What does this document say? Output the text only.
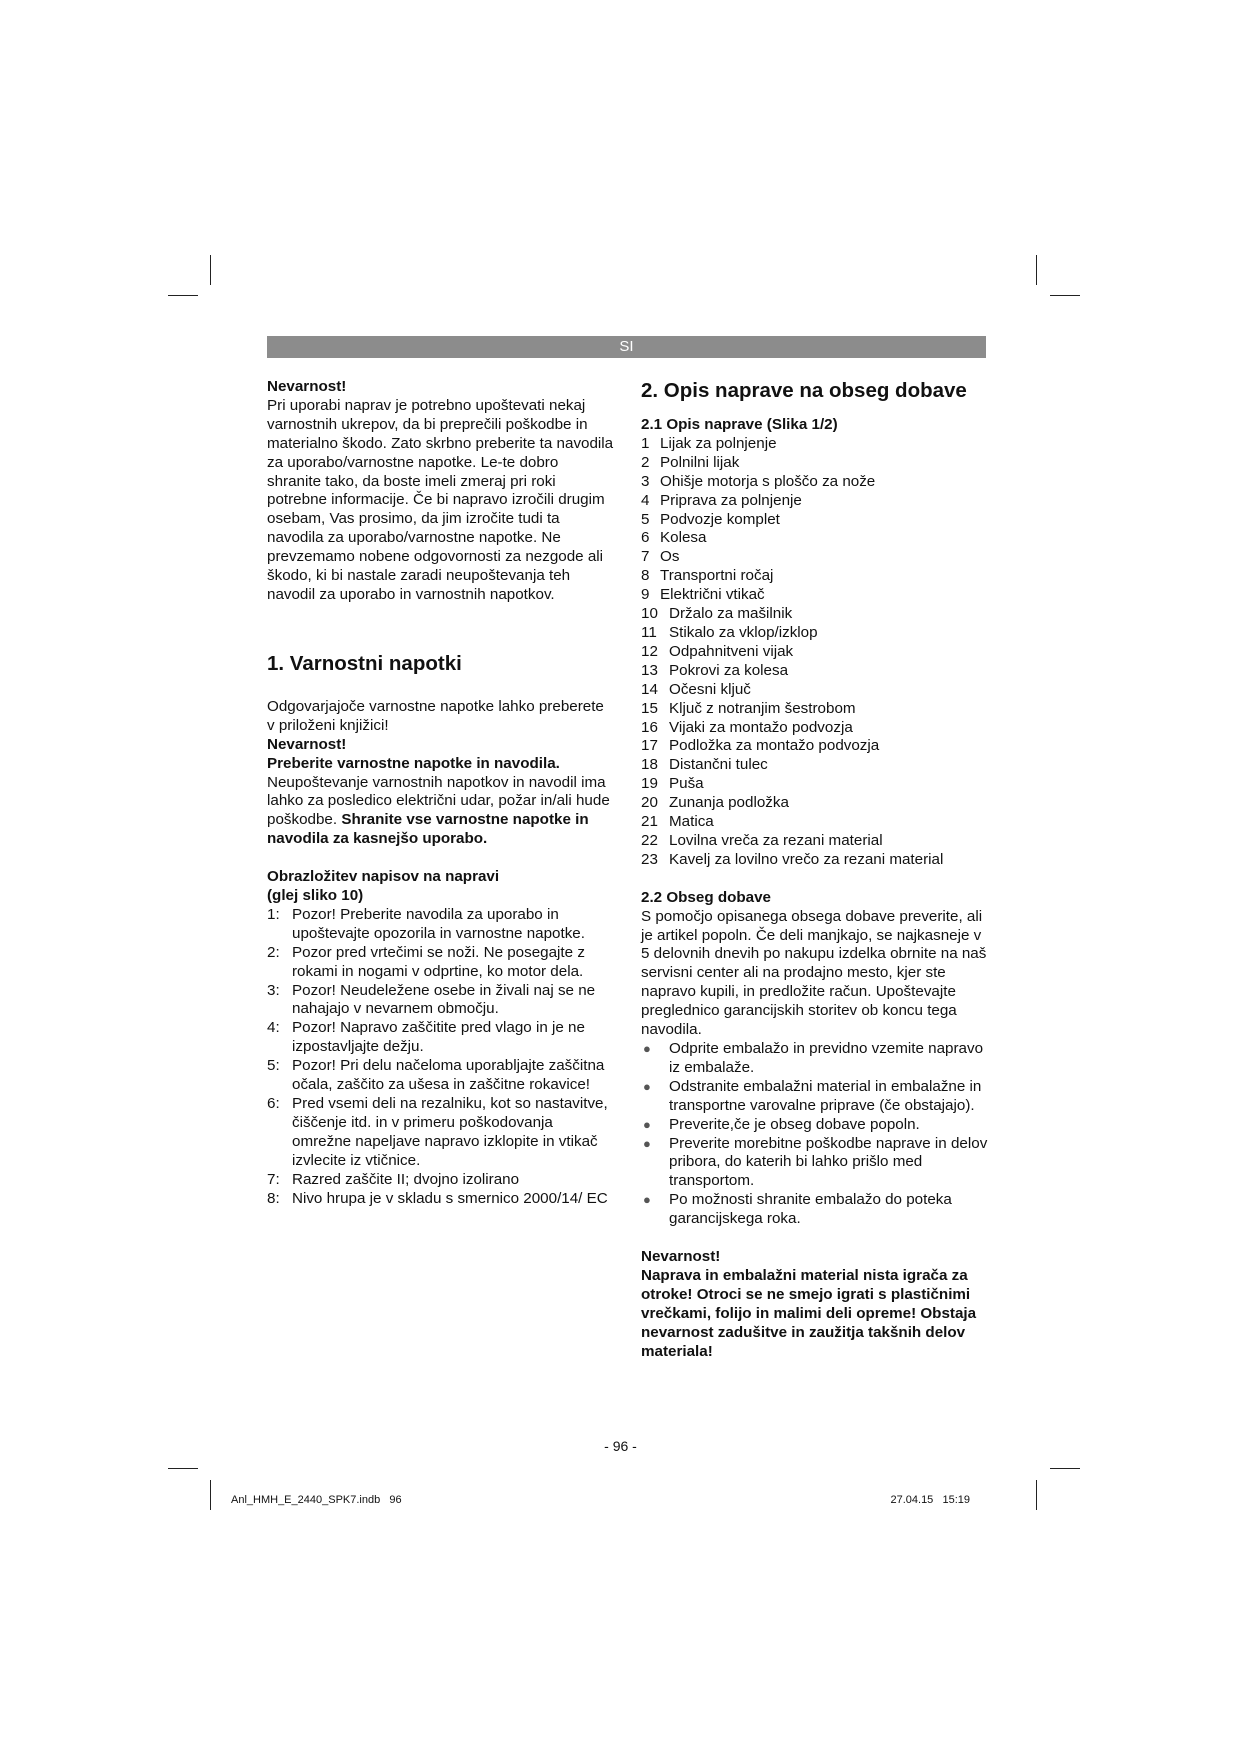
SI

Nevarnost!

Pri uporabi naprav je potrebno upoštevati nekaj varnostnih ukrepov, da bi preprečili poškodbe in materialno škodo. Zato skrbno preberite ta navodila za uporabo/varnostne napotke. Le-te dobro shranite tako, da boste imeli zmeraj pri roki potrebne informacije. Če bi napravo izročili drugim osebam, Vas prosimo, da jim izročite tudi ta navodila za uporabo/varnostne napotke. Ne prevzemamo nobene odgovornosti za nezgode ali škodo, ki bi nastale zaradi neupoštevanja teh navodil za uporabo in varnostnih napotkov.

1. Varnostni napotki

Odgovarjajoče varnostne napotke lahko preberete v priloženi knjižici!

Nevarnost!

Preberite varnostne napotke in navodila.

Neupoštevanje varnostnih napotkov in navodil ima lahko za posledico električni udar, požar in/ali hude poškodbe. Shranite vse varnostne napotke in navodila za kasnejšo uporabo.

Obrazložitev napisov na napravi

(glej sliko 10)

1: Pozor! Preberite navodila za uporabo in upoštevajte opozorila in varnostne napotke.
2: Pozor pred vrtečimi se noži. Ne posegajte z rokami in nogami v odprtine, ko motor dela.
3: Pozor! Neudeležene osebe in živali naj se ne nahajajo v nevarnem območju.
4: Pozor! Napravo zaščitite pred vlago in je ne izpostavljajte dežju.
5: Pozor! Pri delu načeloma uporabljajte zaščitna očala, zaščito za ušesa in zaščitne rokavice!
6: Pred vsemi deli na rezalniku, kot so nastavitve, čiščenje itd. in v primeru poškodovanja omrežne napeljave napravo izklopite in vtikač izvlecite iz vtičnice.
7: Razred zaščite II; dvojno izolirano
8: Nivo hrupa je v skladu s smernico 2000/14/ EC

2. Opis naprave na obseg dobave

2.1 Opis naprave (Slika 1/2)

1 Lijak za polnjenje
2 Polnilni lijak
3 Ohišje motorja s ploščo za nože
4 Priprava za polnjenje
5 Podvozje komplet
6 Kolesa
7 Os
8 Transportni ročaj
9 Električni vtikač
10 Držalo za mašilnik
11 Stikalo za vklop/izklop
12 Odpahnitveni vijak
13 Pokrovi za kolesa
14 Očesni ključ
15 Ključ z notranjim šestrobom
16 Vijaki za montažo podvozja
17 Podložka za montažo podvozja
18 Distančni tulec
19 Puša
20 Zunanja podložka
21 Matica
22 Lovilna vreča za rezani material
23 Kavelj za lovilno vrečo za rezani material

2.2 Obseg dobave

S pomočjo opisanega obsega dobave preverite, ali je artikel popoln. Če deli manjkajo, se najkasneje v 5 delovnih dnevih po nakupu izdelka obrnite na naš servisni center ali na prodajno mesto, kjer ste napravo kupili, in predložite račun. Upoštevajte preglednico garancijskih storitev ob koncu tega navodila.

● Odprite embalažo in previdno vzemite napravo iz embalaže.
● Odstranite embalažni material in embalažne in transportne varovalne priprave (če obstajajo).
● Preverite,če je obseg dobave popoln.
● Preverite morebitne poškodbe naprave in delov pribora, do katerih bi lahko prišlo med transportom.
● Po možnosti shranite embalažo do poteka garancijskega roka.

Nevarnost!

Naprava in embalažni material nista igrača za otroke! Otroci se ne smejo igrati s plastičnimi vrečkami, folijo in malimi deli opreme! Obstaja nevarnost zadušitve in zaužitja takšnih delov materiala!

- 96 -
Anl_HMH_E_2440_SPK7.indb   96	27.04.15   15:19
